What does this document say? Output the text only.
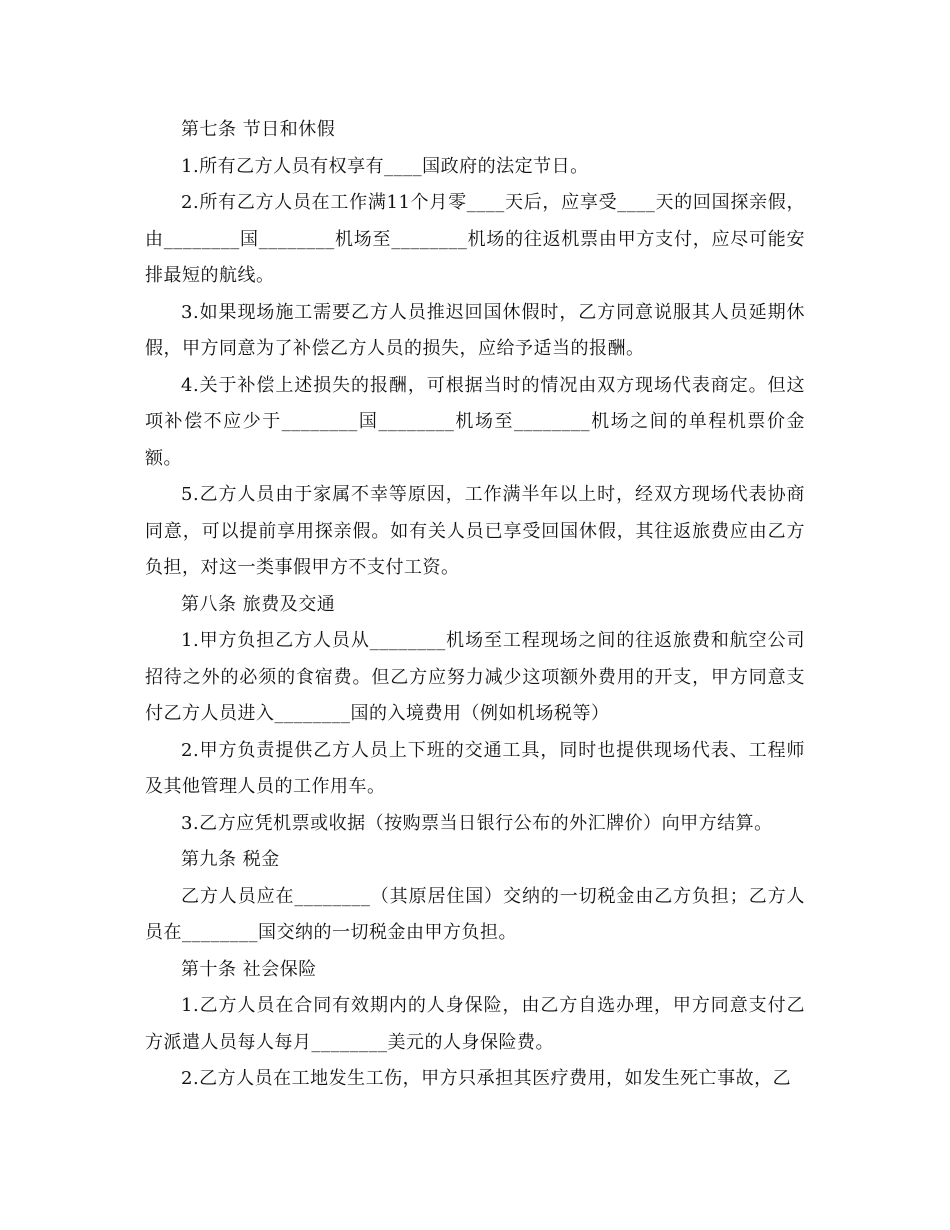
第七条 节日和休假

1.所有乙方人员有权享有____国政府的法定节日。

2.所有乙方人员在工作满11个月零____天后，应享受____天的回国探亲假，由________国________机场至________机场的往返机票由甲方支付，应尽可能安排最短的航线。

3.如果现场施工需要乙方人员推迟回国休假时，乙方同意说服其人员延期休假，甲方同意为了补偿乙方人员的损失，应给予适当的报酬。

4.关于补偿上述损失的报酬，可根据当时的情况由双方现场代表商定。但这项补偿不应少于________国________机场至________机场之间的单程机票价金额。

5.乙方人员由于家属不幸等原因，工作满半年以上时，经双方现场代表协商同意，可以提前享用探亲假。如有关人员已享受回国休假，其往返旅费应由乙方负担，对这一类事假甲方不支付工资。

第八条 旅费及交通

1.甲方负担乙方人员从________机场至工程现场之间的往返旅费和航空公司招待之外的必须的食宿费。但乙方应努力减少这项额外费用的开支，甲方同意支付乙方人员进入________国的入境费用（例如机场税等）

2.甲方负责提供乙方人员上下班的交通工具，同时也提供现场代表、工程师及其他管理人员的工作用车。

3.乙方应凭机票或收据（按购票当日银行公布的外汇牌价）向甲方结算。

第九条 税金

乙方人员应在________（其原居住国）交纳的一切税金由乙方负担；乙方人员在________国交纳的一切税金由甲方负担。

第十条 社会保险

1.乙方人员在合同有效期内的人身保险，由乙方自选办理，甲方同意支付乙方派遣人员每人每月________美元的人身保险费。

2.乙方人员在工地发生工伤，甲方只承担其医疗费用，如发生死亡事故，乙
